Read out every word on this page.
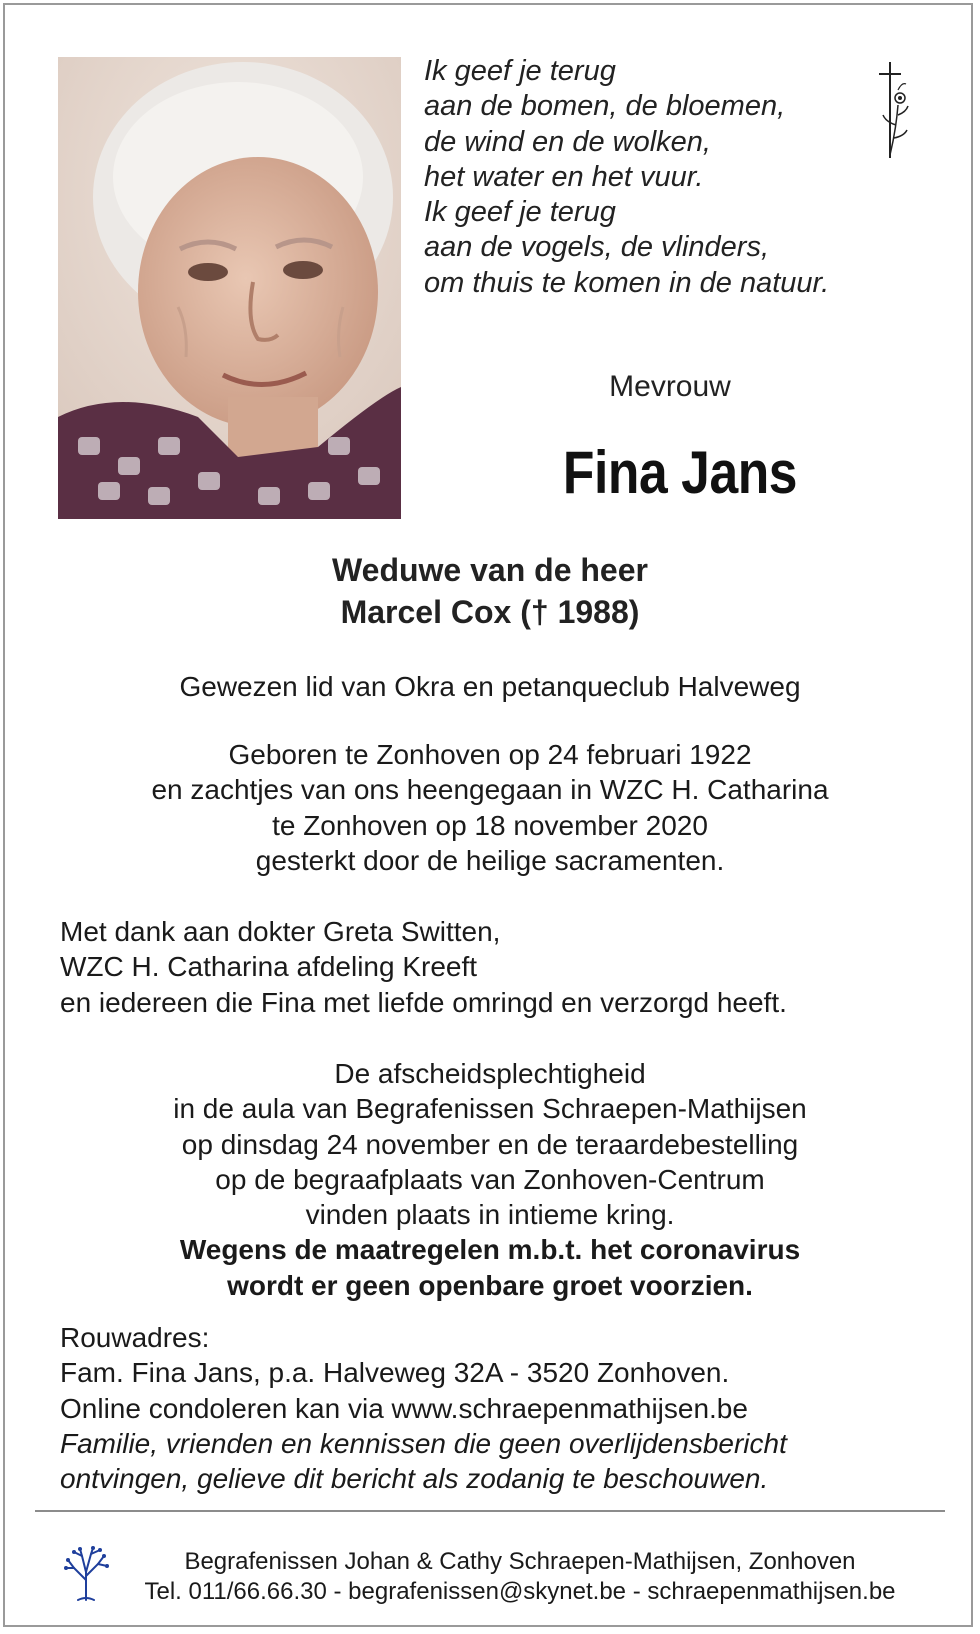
Ik geef je terug
aan de bomen, de bloemen,
de wind en de wolken,
het water en het vuur.
Ik geef je terug
aan de vogels, de vlinders,
om thuis te komen in de natuur.
Mevrouw
Fina Jans
Weduwe van de heer
Marcel Cox († 1988)
Gewezen lid van Okra en petanqueclub Halveweg
Geboren te Zonhoven op 24 februari 1922
en zachtjes van ons heengegaan in WZC H. Catharina
te Zonhoven op 18 november 2020
gesterkt door de heilige sacramenten.
Met dank aan dokter Greta Switten,
WZC H. Catharina afdeling Kreeft
en iedereen die Fina met liefde omringd en verzorgd heeft.
De afscheidsplechtigheid
in de aula van Begrafenissen Schraepen-Mathijsen
op dinsdag 24 november en de teraardebestelling
op de begraafplaats van Zonhoven-Centrum
vinden plaats in intieme kring.
Wegens de maatregelen m.b.t. het coronavirus
wordt er geen openbare groet voorzien.
Rouwadres:
Fam. Fina Jans, p.a. Halveweg 32A - 3520 Zonhoven.
Online condoleren kan via www.schraepenmathijsen.be
Familie, vrienden en kennissen die geen overlijdensbericht
ontvingen, gelieve dit bericht als zodanig te beschouwen.
Begrafenissen Johan & Cathy Schraepen-Mathijsen, Zonhoven
Tel. 011/66.66.30 - begrafenissen@skynet.be - schraepenmathijsen.be
